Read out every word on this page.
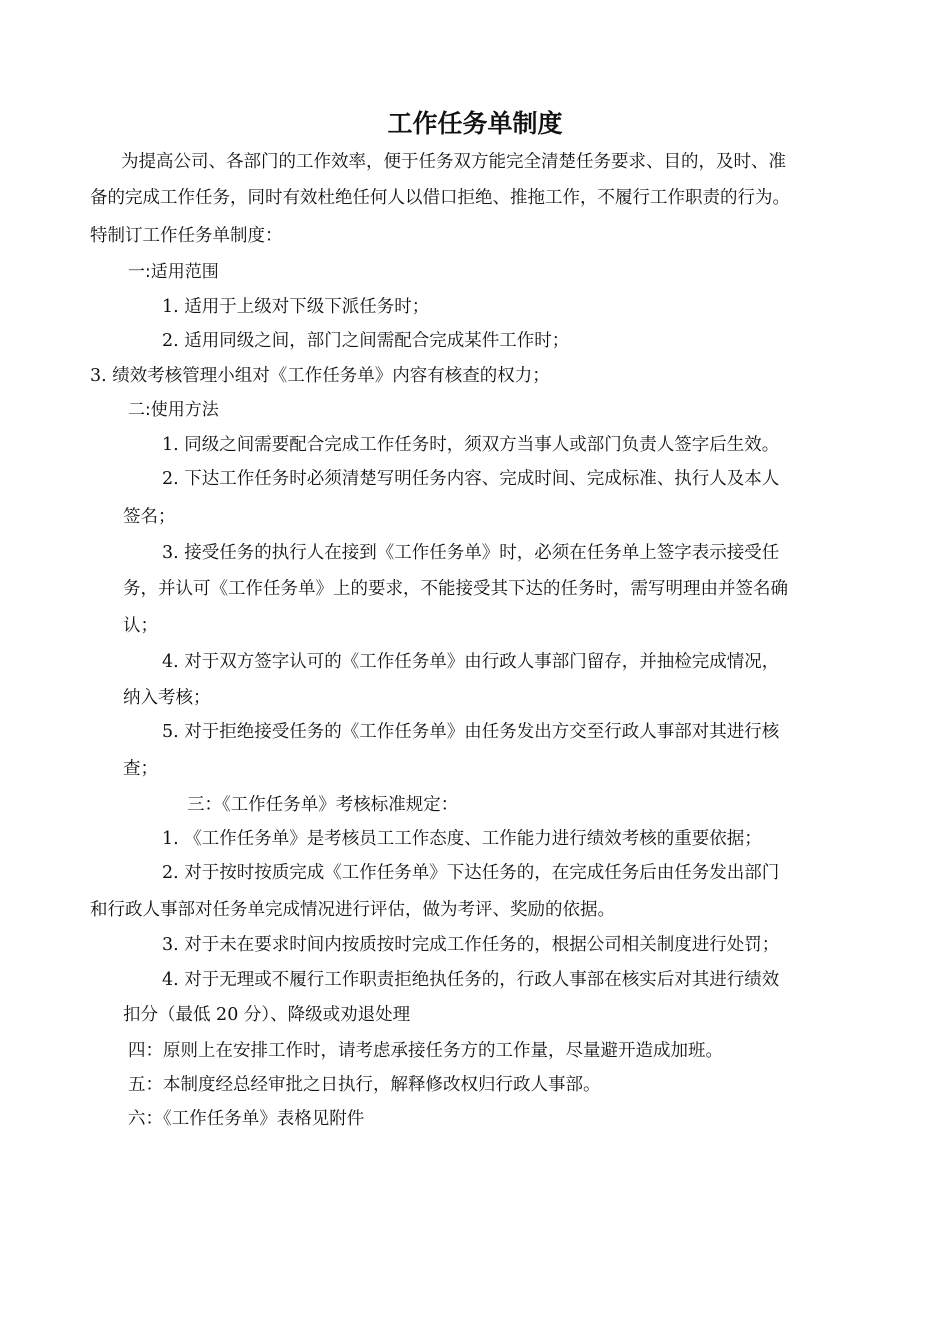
工作任务单制度
为提高公司、各部门的工作效率，便于任务双方能完全清楚任务要求、目的，及时、准
备的完成工作任务，同时有效杜绝任何人以借口拒绝、推拖工作，不履行工作职责的行为。
特制订工作任务单制度：
一:适用范围
1. 适用于上级对下级下派任务时；
2. 适用同级之间，部门之间需配合完成某件工作时；
3. 绩效考核管理小组对《工作任务单》内容有核查的权力；
二:使用方法
1. 同级之间需要配合完成工作任务时，须双方当事人或部门负责人签字后生效。
2. 下达工作任务时必须清楚写明任务内容、完成时间、完成标准、执行人及本人
签名；
3. 接受任务的执行人在接到《工作任务单》时，必须在任务单上签字表示接受任
务，并认可《工作任务单》上的要求，不能接受其下达的任务时，需写明理由并签名确
认；
4. 对于双方签字认可的《工作任务单》由行政人事部门留存，并抽检完成情况，
纳入考核；
5. 对于拒绝接受任务的《工作任务单》由任务发出方交至行政人事部对其进行核
查；
三：《工作任务单》考核标准规定：
1. 《工作任务单》是考核员工工作态度、工作能力进行绩效考核的重要依据；
2. 对于按时按质完成《工作任务单》下达任务的，在完成任务后由任务发出部门
和行政人事部对任务单完成情况进行评估，做为考评、奖励的依据。
3. 对于未在要求时间内按质按时完成工作任务的，根据公司相关制度进行处罚；
4. 对于无理或不履行工作职责拒绝执任务的，行政人事部在核实后对其进行绩效
扣分（最低 20 分）、降级或劝退处理
四：原则上在安排工作时，请考虑承接任务方的工作量，尽量避开造成加班。
五：本制度经总经审批之日执行，解释修改权归行政人事部。
六：《工作任务单》表格见附件
